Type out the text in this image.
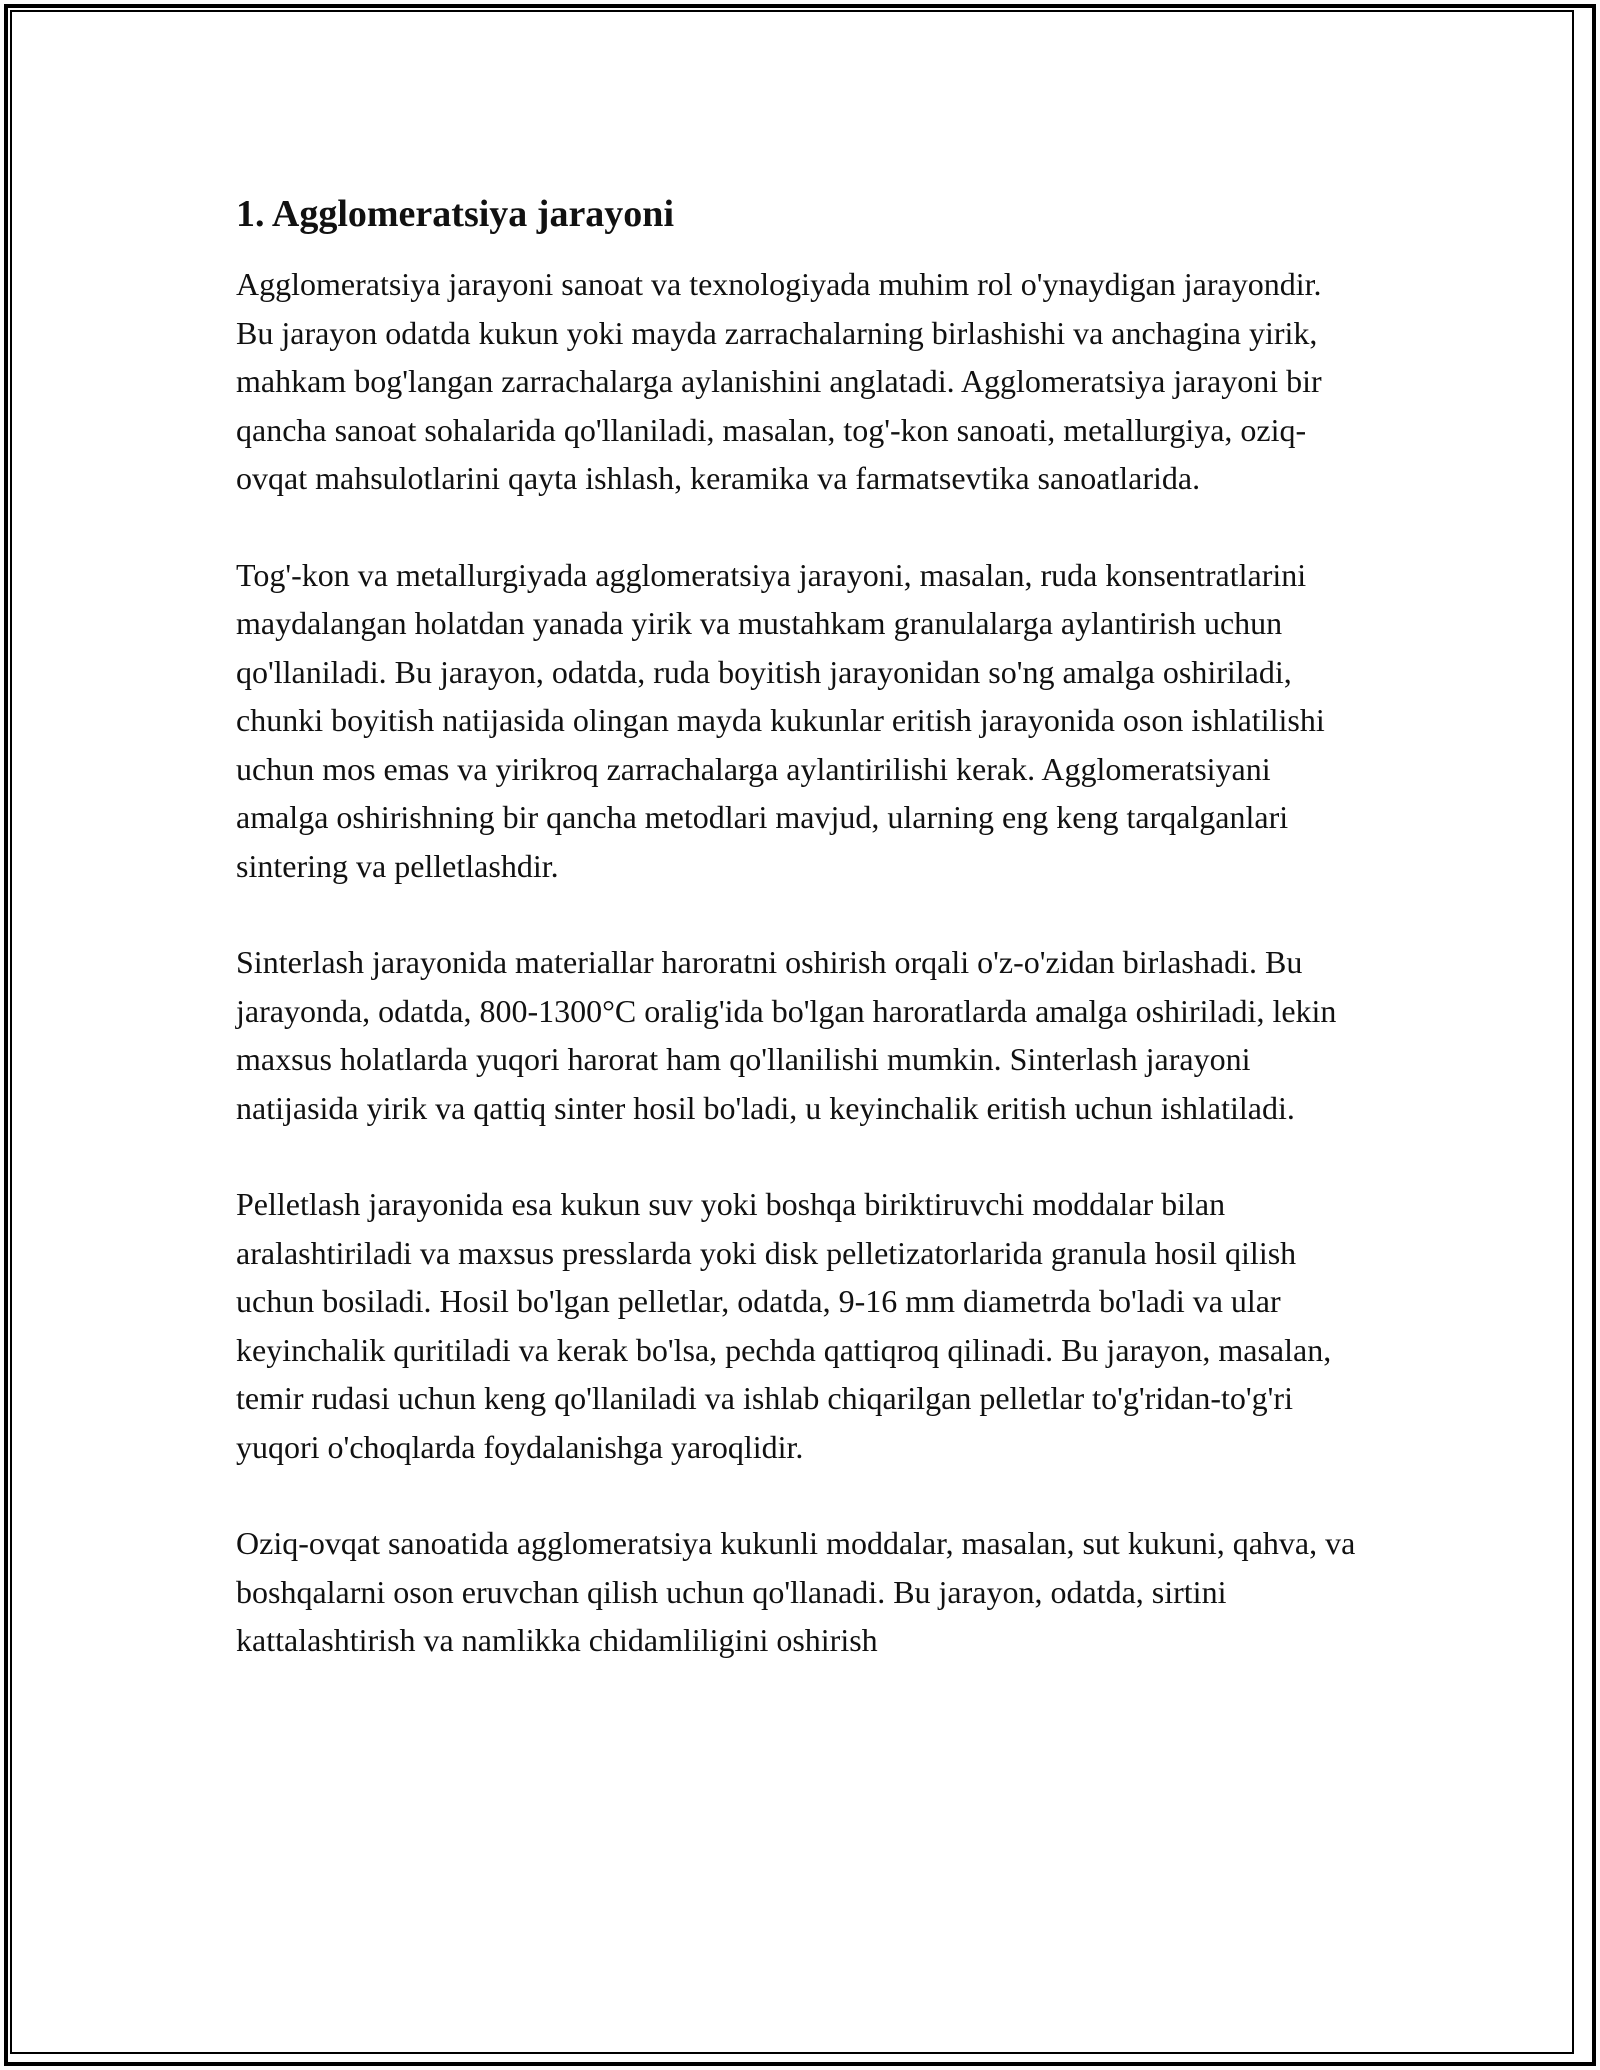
1. Agglomeratsiya jarayoni

Agglomeratsiya jarayoni sanoat va texnologiyada muhim rol o'ynaydigan jarayondir. Bu jarayon odatda kukun yoki mayda zarrachalarning birlashishi va anchagina yirik, mahkam bog'langan zarrachalarga aylanishini anglatadi. Agglomeratsiya jarayoni bir qancha sanoat sohalarida qo'llaniladi, masalan, tog'-kon sanoati, metallurgiya, oziq-ovqat mahsulotlarini qayta ishlash, keramika va farmatsevtika sanoatlarida.

Tog'-kon va metallurgiyada agglomeratsiya jarayoni, masalan, ruda konsentratlarini maydalangan holatdan yanada yirik va mustahkam granulalarga aylantirish uchun qo'llaniladi. Bu jarayon, odatda, ruda boyitish jarayonidan so'ng amalga oshiriladi, chunki boyitish natijasida olingan mayda kukunlar eritish jarayonida oson ishlatilishi uchun mos emas va yirikroq zarrachalarga aylantirilishi kerak. Agglomeratsiyani amalga oshirishning bir qancha metodlari mavjud, ularning eng keng tarqalganlari sintering va pelletlashdir.

Sinterlash jarayonida materiallar haroratni oshirish orqali o'z-o'zidan birlashadi. Bu jarayonda, odatda, 800-1300°C oralig'ida bo'lgan haroratlarda amalga oshiriladi, lekin maxsus holatlarda yuqori harorat ham qo'llanilishi mumkin. Sinterlash jarayoni natijasida yirik va qattiq sinter hosil bo'ladi, u keyinchalik eritish uchun ishlatiladi.

Pelletlash jarayonida esa kukun suv yoki boshqa biriktiruvchi moddalar bilan aralashtiriladi va maxsus presslarda yoki disk pelletizatorlarida granula hosil qilish uchun bosiladi. Hosil bo'lgan pelletlar, odatda, 9-16 mm diametrda bo'ladi va ular keyinchalik quritiladi va kerak bo'lsa, pechda qattiqroq qilinadi. Bu jarayon, masalan, temir rudasi uchun keng qo'llaniladi va ishlab chiqarilgan pelletlar to'g'ridan-to'g'ri yuqori o'choqlarda foydalanishga yaroqlidir.

Oziq-ovqat sanoatida agglomeratsiya kukunli moddalar, masalan, sut kukuni, qahva, va boshqalarni oson eruvchan qilish uchun qo'llanadi. Bu jarayon, odatda, sirtini kattalashtirish va namlikka chidamliligini oshirish
